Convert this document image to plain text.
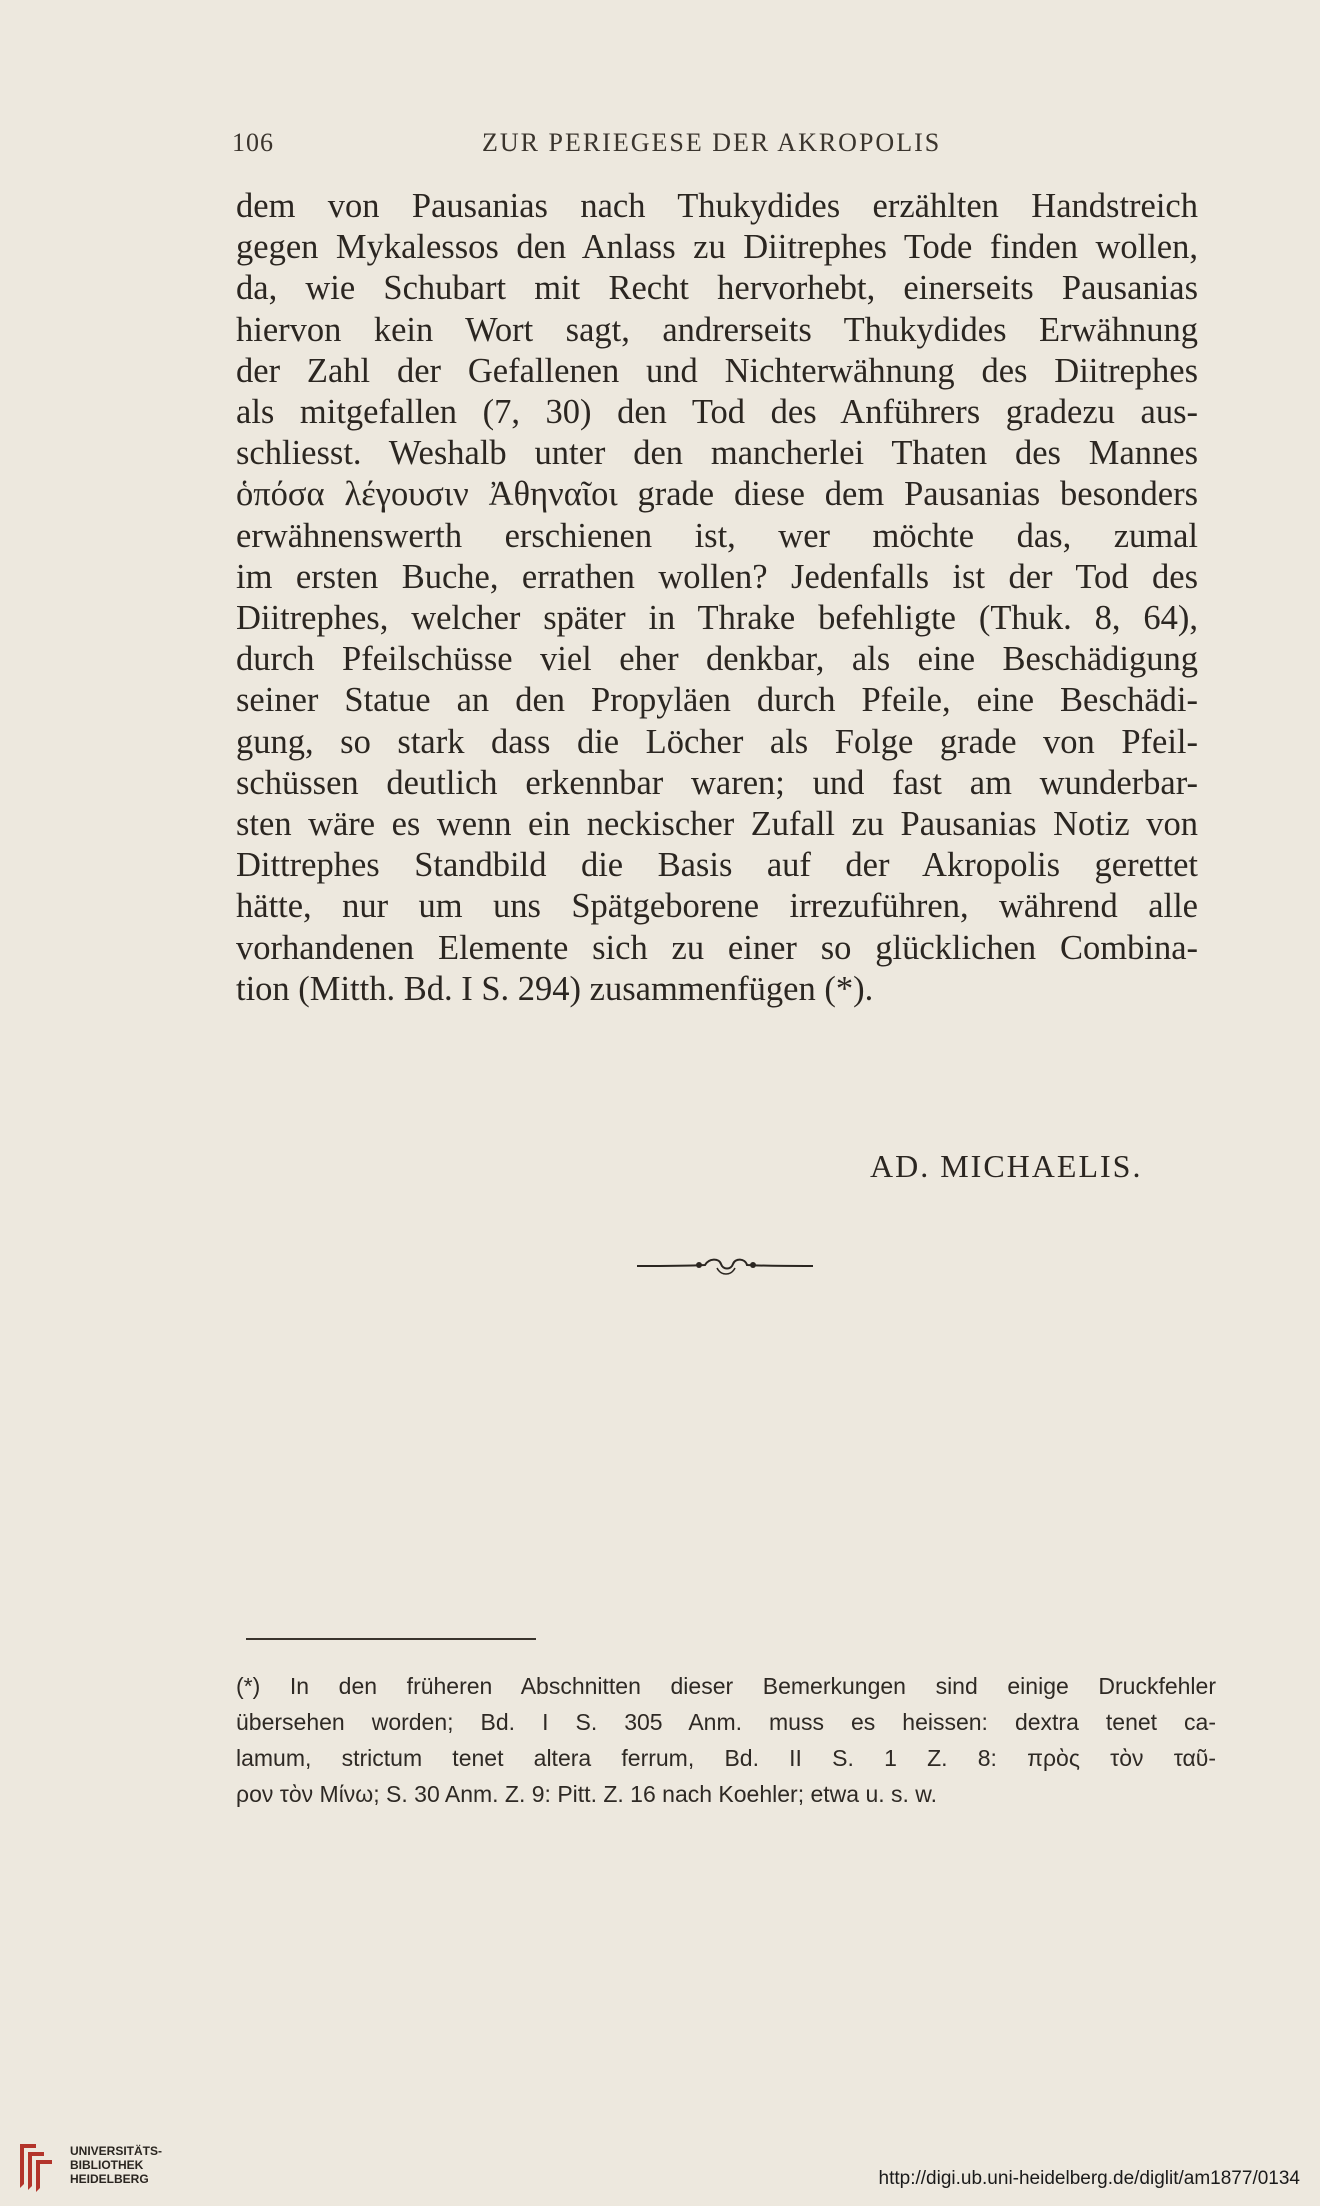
106	ZUR PERIEGESE DER AKROPOLIS
dem von Pausanias nach Thukydides erzählten Handstreich
gegen Mykalessos den Anlass zu Diitrephes Tode finden wollen,
da, wie Schubart mit Recht hervorhebt, einerseits Pausanias
hiervon kein Wort sagt, andrerseits Thukydides Erwähnung
der Zahl der Gefallenen und Nichterwähnung des Diitrephes
als mitgefallen (7, 30) den Tod des Anführers gradezu aus-
schliesst. Weshalb unter den mancherlei Thaten des Mannes
ὁπόσα λέγουσιν Ἀθηναῖοι grade diese dem Pausanias besonders
erwähnenswerth erschienen ist, wer möchte das, zumal
im ersten Buche, errathen wollen? Jedenfalls ist der Tod des
Diitrephes, welcher später in Thrake befehligte (Thuk. 8, 64),
durch Pfeilschüsse viel eher denkbar, als eine Beschädigung
seiner Statue an den Propyläen durch Pfeile, eine Beschädi-
gung, so stark dass die Löcher als Folge grade von Pfeil-
schüssen deutlich erkennbar waren; und fast am wunderbar-
sten wäre es wenn ein neckischer Zufall zu Pausanias Notiz von
Dittrephes Standbild die Basis auf der Akropolis gerettet
hätte, nur um uns Spätgeborene irrezuführen, während alle
vorhandenen Elemente sich zu einer so glücklichen Combina-
tion (Mitth. Bd. I S. 294) zusammenfügen (*).
AD. MICHAELIS.
(*) In den früheren Abschnitten dieser Bemerkungen sind einige Druckfehler
übersehen worden; Bd. I S. 305 Anm. muss es heissen: dextra tenet ca-
lamum, strictum tenet altera ferrum, Bd. II S. 1 Z. 8: πρὸς τὸν ταῦ-
ρον τὸν Μίνω; S. 30 Anm. Z. 9: Pitt. Z. 16 nach Koehler; etwa u. s. w.
UNIVERSITÄTS-
BIBLIOTHEK
HEIDELBERG	http://digi.ub.uni-heidelberg.de/diglit/am1877/0134
